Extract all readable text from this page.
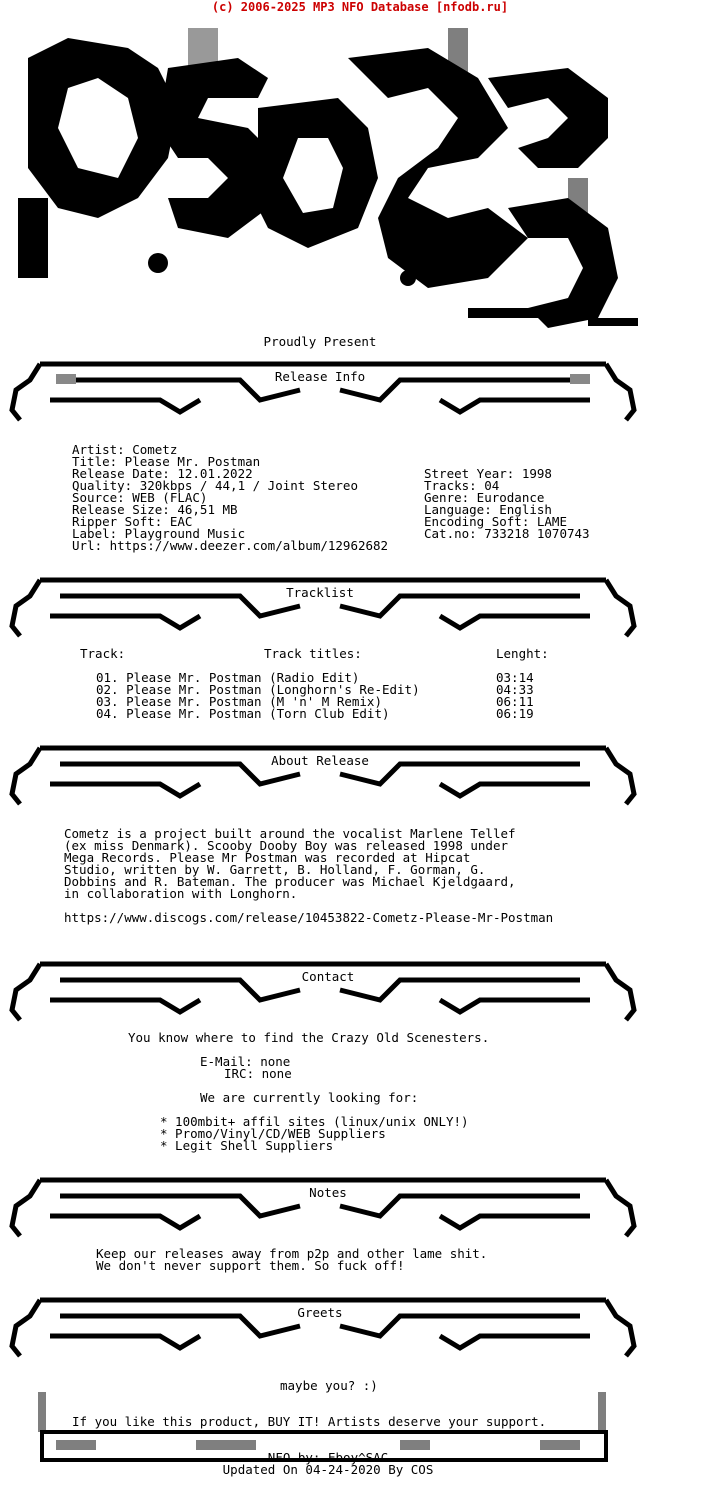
(c) 2006-2025 MP3 NFO Database [nfodb.ru]
Proudly Present
Release Info
Artist: Cometz
Title: Please Mr. Postman
Release Date: 12.01.2022
Quality: 320kbps / 44,1 / Joint Stereo
Source: WEB (FLAC)
Release Size: 46,51 MB
Ripper Soft: EAC
Label: Playground Music
Url: https://www.deezer.com/album/12962682
Street Year: 1998
Tracks: 04
Genre: Eurodance
Language: English
Encoding Soft: LAME
Cat.no: 733218 1070743
Tracklist
Track:	Track titles:	Lenght:
01. Please Mr. Postman (Radio Edit)	03:14
02. Please Mr. Postman (Longhorn's Re-Edit)	04:33
03. Please Mr. Postman (M 'n' M Remix)	06:11
04. Please Mr. Postman (Torn Club Edit)	06:19
About Release
Cometz is a project built around the vocalist Marlene Tellef
(ex miss Denmark). Scooby Dooby Boy was released 1998 under
Mega Records. Please Mr Postman was recorded at Hipcat
Studio, written by W. Garrett, B. Holland, F. Gorman, G.
Dobbins and R. Bateman. The producer was Michael Kjeldgaard,
in collaboration with Longhorn.
https://www.discogs.com/release/10453822-Cometz-Please-Mr-Postman
Contact
You know where to find the Crazy Old Scenesters.
E-Mail: none
IRC: none
We are currently looking for:
* 100mbit+ affil sites (linux/unix ONLY!)
* Promo/Vinyl/CD/WEB Suppliers
* Legit Shell Suppliers
Notes
Keep our releases away from p2p and other lame shit.
We don't never support them. So fuck off!
Greets
maybe you? :)
If you like this product, BUY IT! Artists deserve your support.
NFO by: Eboy^SAC
Updated On 04-24-2020 By COS
